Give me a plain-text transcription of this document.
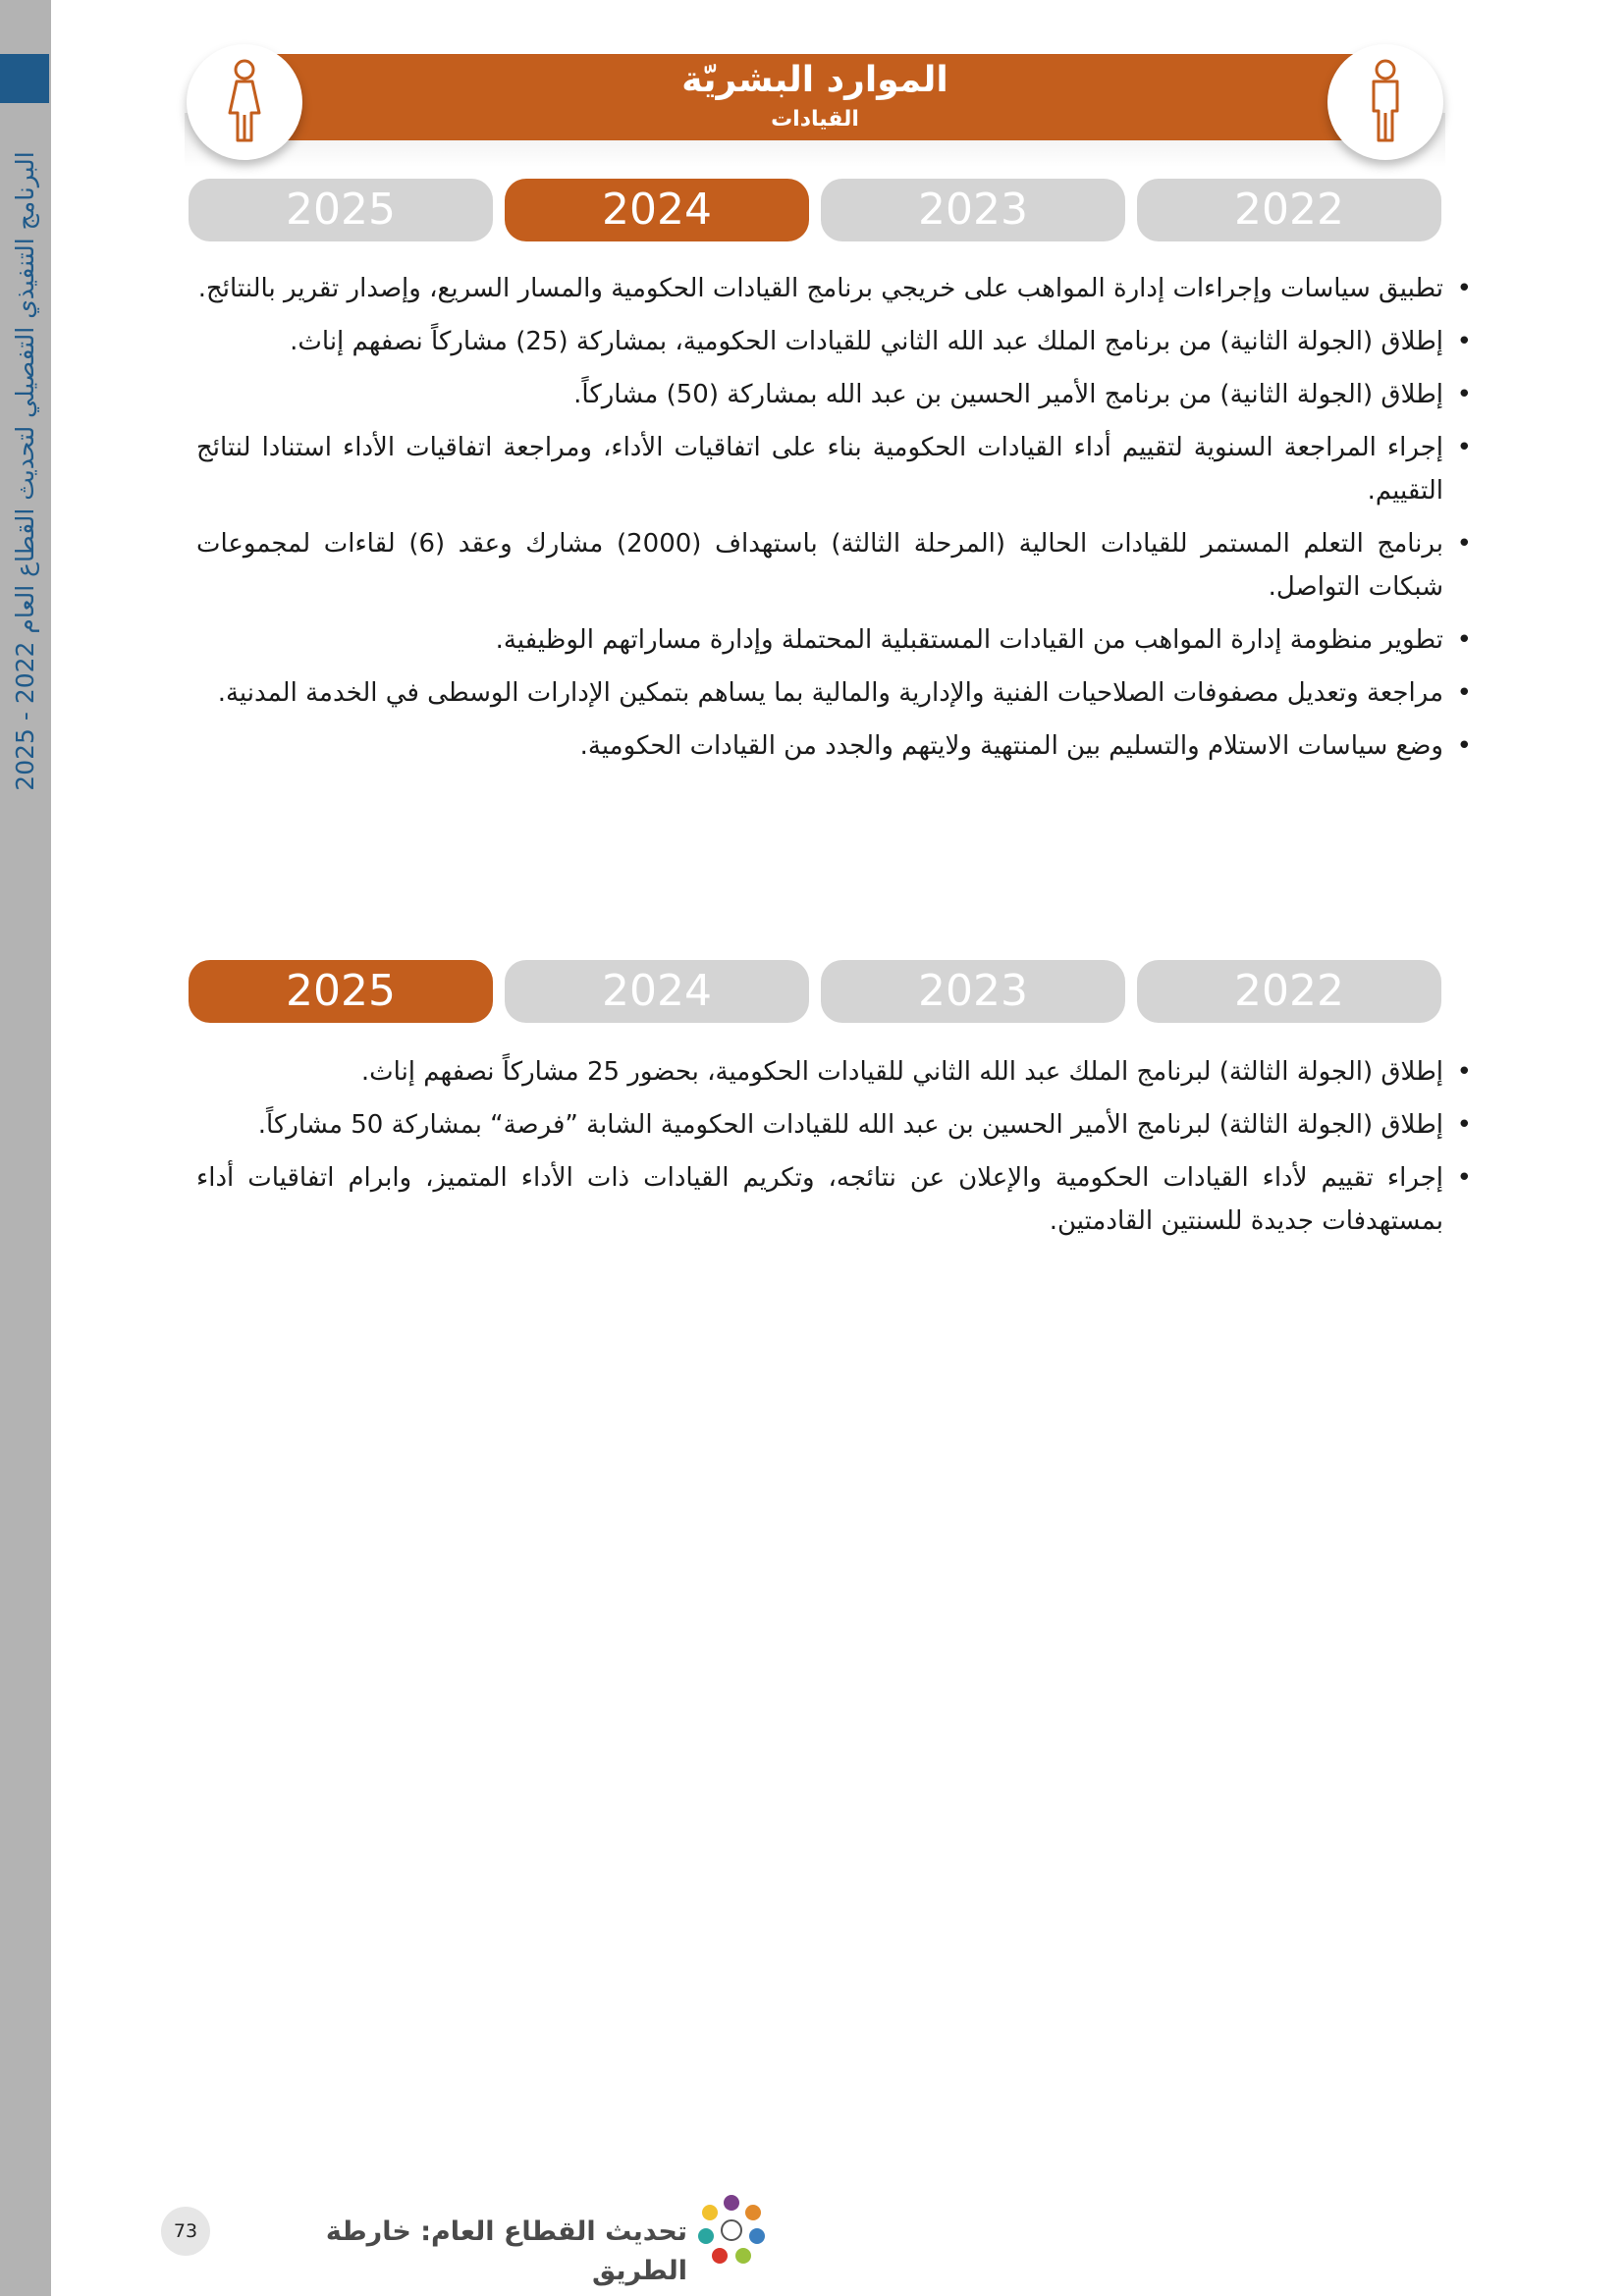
البرنامج التنفيذي التفصيلي لتحديث القطاع العام 2022 - 2025
الموارد البشريّة
القيادات
2025	2024	2023	2022
•
تطبيق سياسات وإجراءات إدارة المواهب على خريجي برنامج القيادات الحكومية والمسار السريع، وإصدار تقرير بالنتائج.
•
إطلاق (الجولة الثانية) من برنامج الملك عبد الله الثاني للقيادات الحكومية، بمشاركة (25) مشاركاً نصفهم إناث.
•
إطلاق (الجولة الثانية) من برنامج الأمير الحسين بن عبد الله بمشاركة (50) مشاركاً.
•
إجراء المراجعة السنوية لتقييم أداء القيادات الحكومية بناء على اتفاقيات الأداء، ومراجعة اتفاقيات الأداء استنادا لنتائج التقييم.
•
برنامج التعلم المستمر للقيادات الحالية (المرحلة الثالثة) باستهداف (2000) مشارك وعقد (6) لقاءات لمجموعات شبكات التواصل.
•
تطوير منظومة إدارة المواهب من القيادات المستقبلية المحتملة وإدارة مساراتهم الوظيفية.
•
مراجعة وتعديل مصفوفات الصلاحيات الفنية والإدارية والمالية بما يساهم بتمكين الإدارات الوسطى في الخدمة المدنية.
•
وضع سياسات الاستلام والتسليم بين المنتهية ولايتهم والجدد من القيادات الحكومية.
2025	2024	2023	2022
•
إطلاق (الجولة الثالثة) لبرنامج الملك عبد الله الثاني للقيادات الحكومية، بحضور 25 مشاركاً نصفهم إناث.
•
إطلاق (الجولة الثالثة) لبرنامج الأمير الحسين بن عبد الله للقيادات الحكومية الشابة ”فرصة“ بمشاركة 50 مشاركاً.
•
إجراء تقييم لأداء القيادات الحكومية والإعلان عن نتائجه، وتكريم القيادات ذات الأداء المتميز، وابرام اتفاقيات أداء بمستهدفات جديدة للسنتين القادمتين.
73	تحديث القطاع العام: خارطة الطريق
